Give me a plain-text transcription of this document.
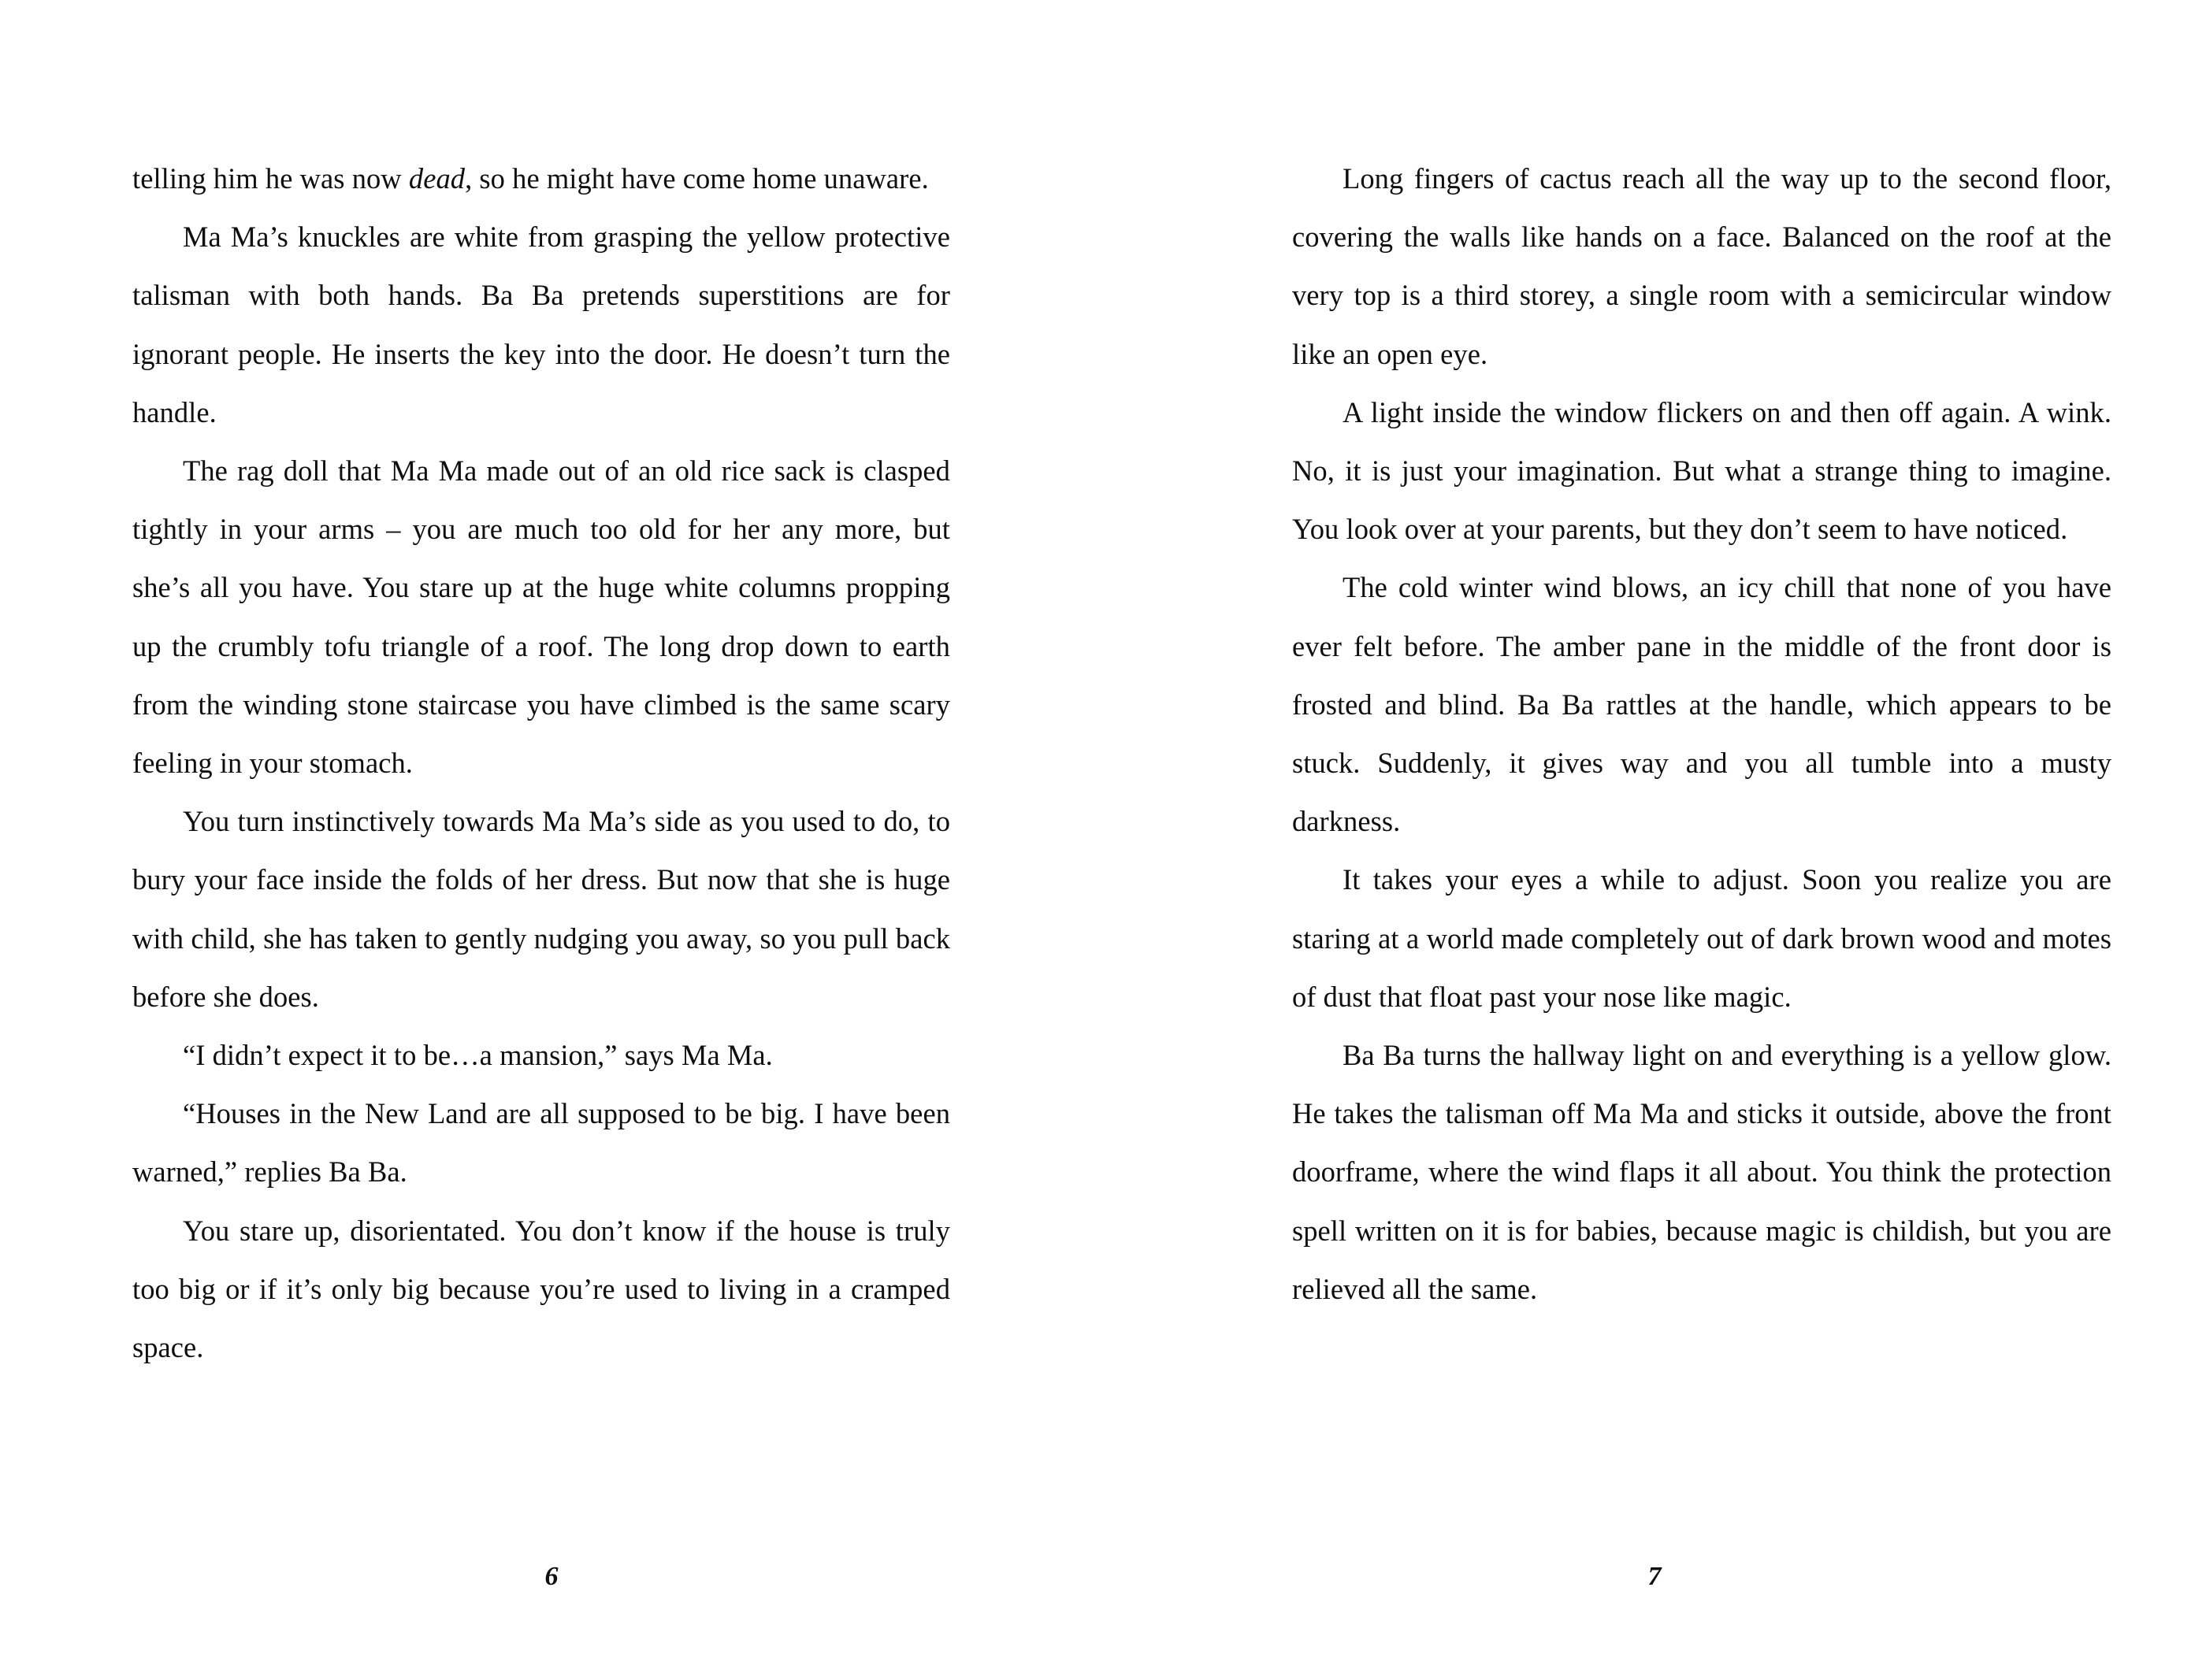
telling him he was now dead, so he might have come home unaware.

Ma Ma’s knuckles are white from grasping the yellow protective talisman with both hands. Ba Ba pretends superstitions are for ignorant people. He inserts the key into the door. He doesn’t turn the handle.

The rag doll that Ma Ma made out of an old rice sack is clasped tightly in your arms – you are much too old for her any more, but she’s all you have. You stare up at the huge white columns propping up the crumbly tofu triangle of a roof. The long drop down to earth from the winding stone staircase you have climbed is the same scary feeling in your stomach.

You turn instinctively towards Ma Ma’s side as you used to do, to bury your face inside the folds of her dress. But now that she is huge with child, she has taken to gently nudging you away, so you pull back before she does.

“I didn’t expect it to be…a mansion,” says Ma Ma.

“Houses in the New Land are all supposed to be big. I have been warned,” replies Ba Ba.

You stare up, disorientated. You don’t know if the house is truly too big or if it’s only big because you’re used to living in a cramped space.

6

Long fingers of cactus reach all the way up to the second floor, covering the walls like hands on a face. Balanced on the roof at the very top is a third storey, a single room with a semicircular window like an open eye.

A light inside the window flickers on and then off again. A wink. No, it is just your imagination. But what a strange thing to imagine. You look over at your parents, but they don’t seem to have noticed.

The cold winter wind blows, an icy chill that none of you have ever felt before. The amber pane in the middle of the front door is frosted and blind. Ba Ba rattles at the handle, which appears to be stuck. Suddenly, it gives way and you all tumble into a musty darkness.

It takes your eyes a while to adjust. Soon you realize you are staring at a world made completely out of dark brown wood and motes of dust that float past your nose like magic.

Ba Ba turns the hallway light on and everything is a yellow glow. He takes the talisman off Ma Ma and sticks it outside, above the front doorframe, where the wind flaps it all about. You think the protection spell written on it is for babies, because magic is childish, but you are relieved all the same.

7
